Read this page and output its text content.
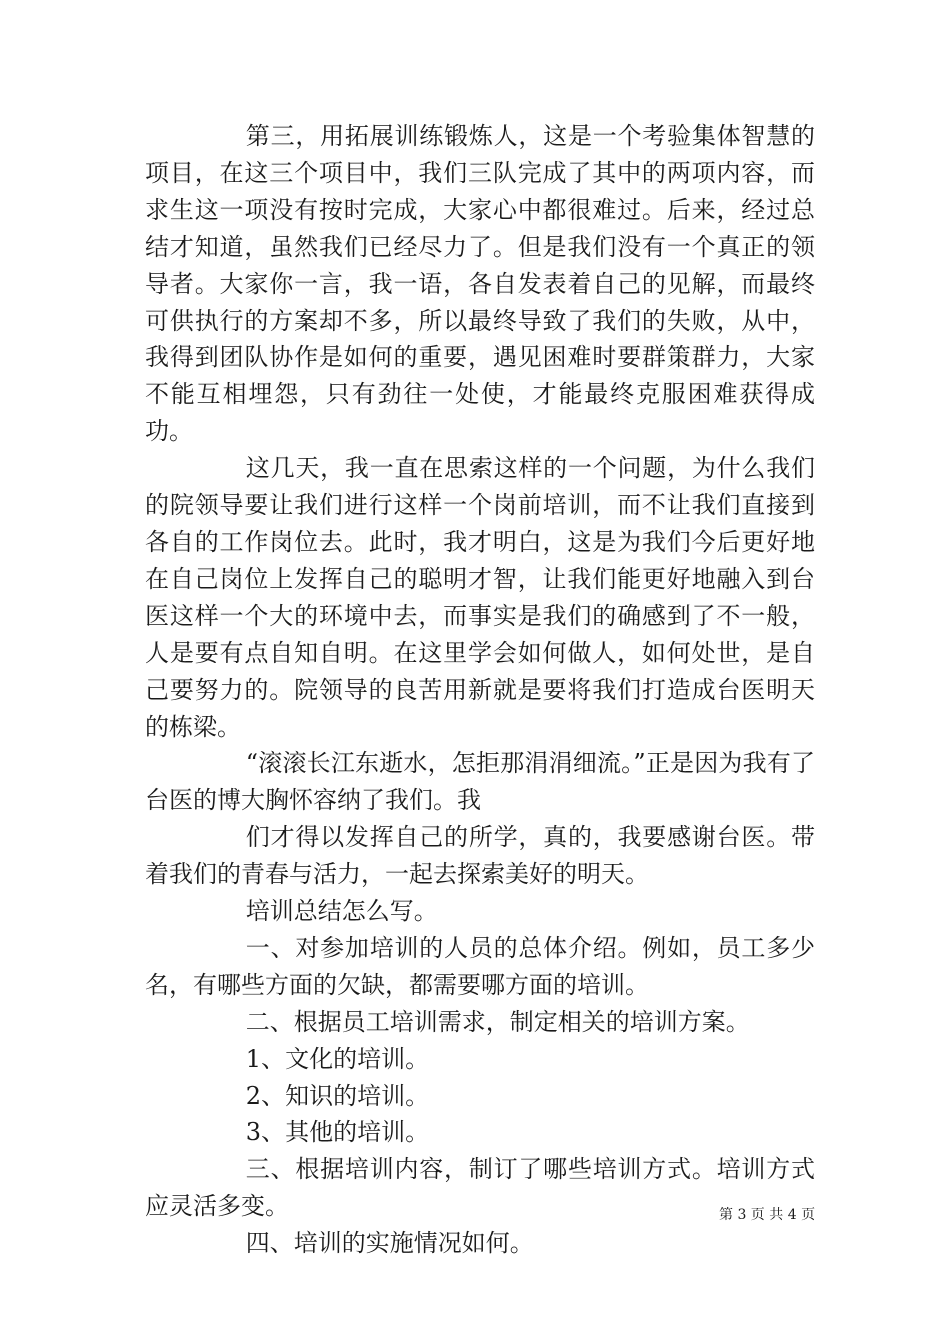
第三，用拓展训练锻炼人，这是一个考验集体智慧的项目，在这三个项目中，我们三队完成了其中的两项内容，而求生这一项没有按时完成，大家心中都很难过。后来，经过总结才知道，虽然我们已经尽力了。但是我们没有一个真正的领导者。大家你一言，我一语，各自发表着自己的见解，而最终可供执行的方案却不多，所以最终导致了我们的失败，从中，我得到团队协作是如何的重要，遇见困难时要群策群力，大家不能互相埋怨，只有劲往一处使，才能最终克服困难获得成功。

这几天，我一直在思索这样的一个问题，为什么我们的院领导要让我们进行这样一个岗前培训，而不让我们直接到各自的工作岗位去。此时，我才明白，这是为我们今后更好地在自己岗位上发挥自己的聪明才智，让我们能更好地融入到台医这样一个大的环境中去，而事实是我们的确感到了不一般，人是要有点自知自明。在这里学会如何做人，如何处世，是自己要努力的。院领导的良苦用新就是要将我们打造成台医明天的栋梁。

“滚滚长江东逝水，怎拒那涓涓细流。”正是因为我有了台医的博大胸怀容纳了我们。我

们才得以发挥自己的所学，真的，我要感谢台医。带着我们的青春与活力，一起去探索美好的明天。

培训总结怎么写。

一、对参加培训的人员的总体介绍。例如，员工多少名，有哪些方面的欠缺，都需要哪方面的培训。

二、根据员工培训需求，制定相关的培训方案。

1、文化的培训。

2、知识的培训。

3、其他的培训。

三、根据培训内容，制订了哪些培训方式。培训方式应灵活多变。

四、培训的实施情况如何。

第 3 页 共 4 页
